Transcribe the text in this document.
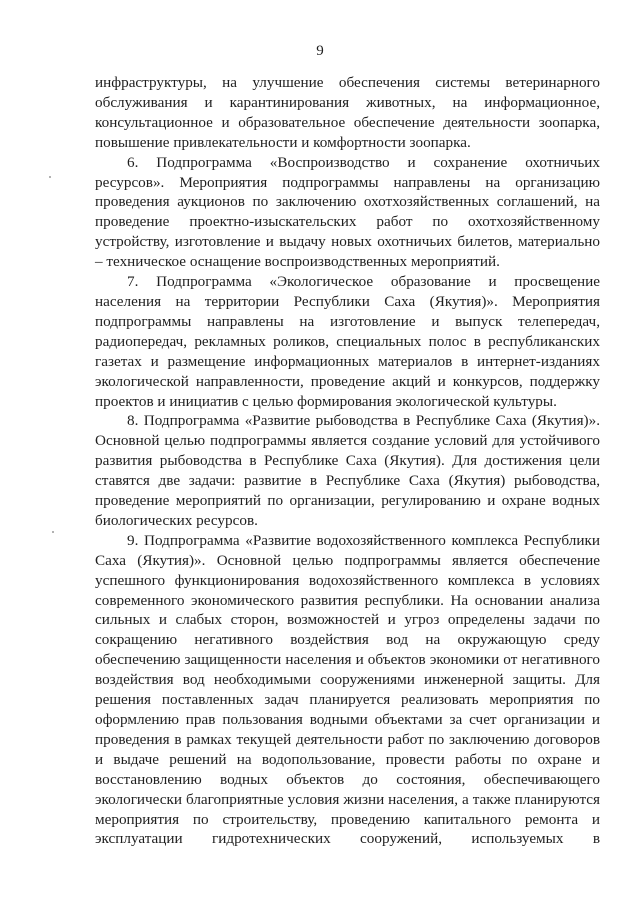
9

инфраструктуры, на улучшение обеспечения системы ветеринарного обслуживания и карантинирования животных, на информационное, консультационное и образовательное обеспечение деятельности зоопарка, повышение привлекательности и комфортности зоопарка.

6. Подпрограмма «Воспроизводство и сохранение охотничьих ресурсов». Мероприятия подпрограммы направлены на организацию проведения аукционов по заключению охотхозяйственных соглашений, на проведение проектно-изыскательских работ по охотхозяйственному устройству, изготовление и выдачу новых охотничьих билетов, материально – техническое оснащение воспроизводственных мероприятий.

7. Подпрограмма «Экологическое образование и просвещение населения на территории Республики Саха (Якутия)». Мероприятия подпрограммы направлены на изготовление и выпуск телепередач, радиопередач, рекламных роликов, специальных полос в республиканских газетах и размещение информационных материалов в интернет-изданиях экологической направленности, проведение акций и конкурсов, поддержку проектов и инициатив с целью формирования экологической культуры.

8. Подпрограмма «Развитие рыбоводства в Республике Саха (Якутия)». Основной целью подпрограммы является создание условий для устойчивого развития рыбоводства в Республике Саха (Якутия). Для достижения цели ставятся две задачи: развитие в Республике Саха (Якутия) рыбоводства, проведение мероприятий по организации, регулированию и охране водных биологических ресурсов.

9. Подпрограмма «Развитие водохозяйственного комплекса Республики Саха (Якутия)». Основной целью подпрограммы является обеспечение успешного функционирования водохозяйственного комплекса в условиях современного экономического развития республики. На основании анализа сильных и слабых сторон, возможностей и угроз определены задачи по сокращению негативного воздействия вод на окружающую среду обеспечению защищенности населения и объектов экономики от негативного воздействия вод необходимыми сооружениями инженерной защиты. Для решения поставленных задач планируется реализовать мероприятия по оформлению прав пользования водными объектами за счет организации и проведения в рамках текущей деятельности работ по заключению договоров и выдаче решений на водопользование, провести работы по охране и восстановлению водных объектов до состояния, обеспечивающего экологически благоприятные условия жизни населения, а также планируются мероприятия по строительству, проведению капитального ремонта и эксплуатации гидротехнических сооружений, используемых в
